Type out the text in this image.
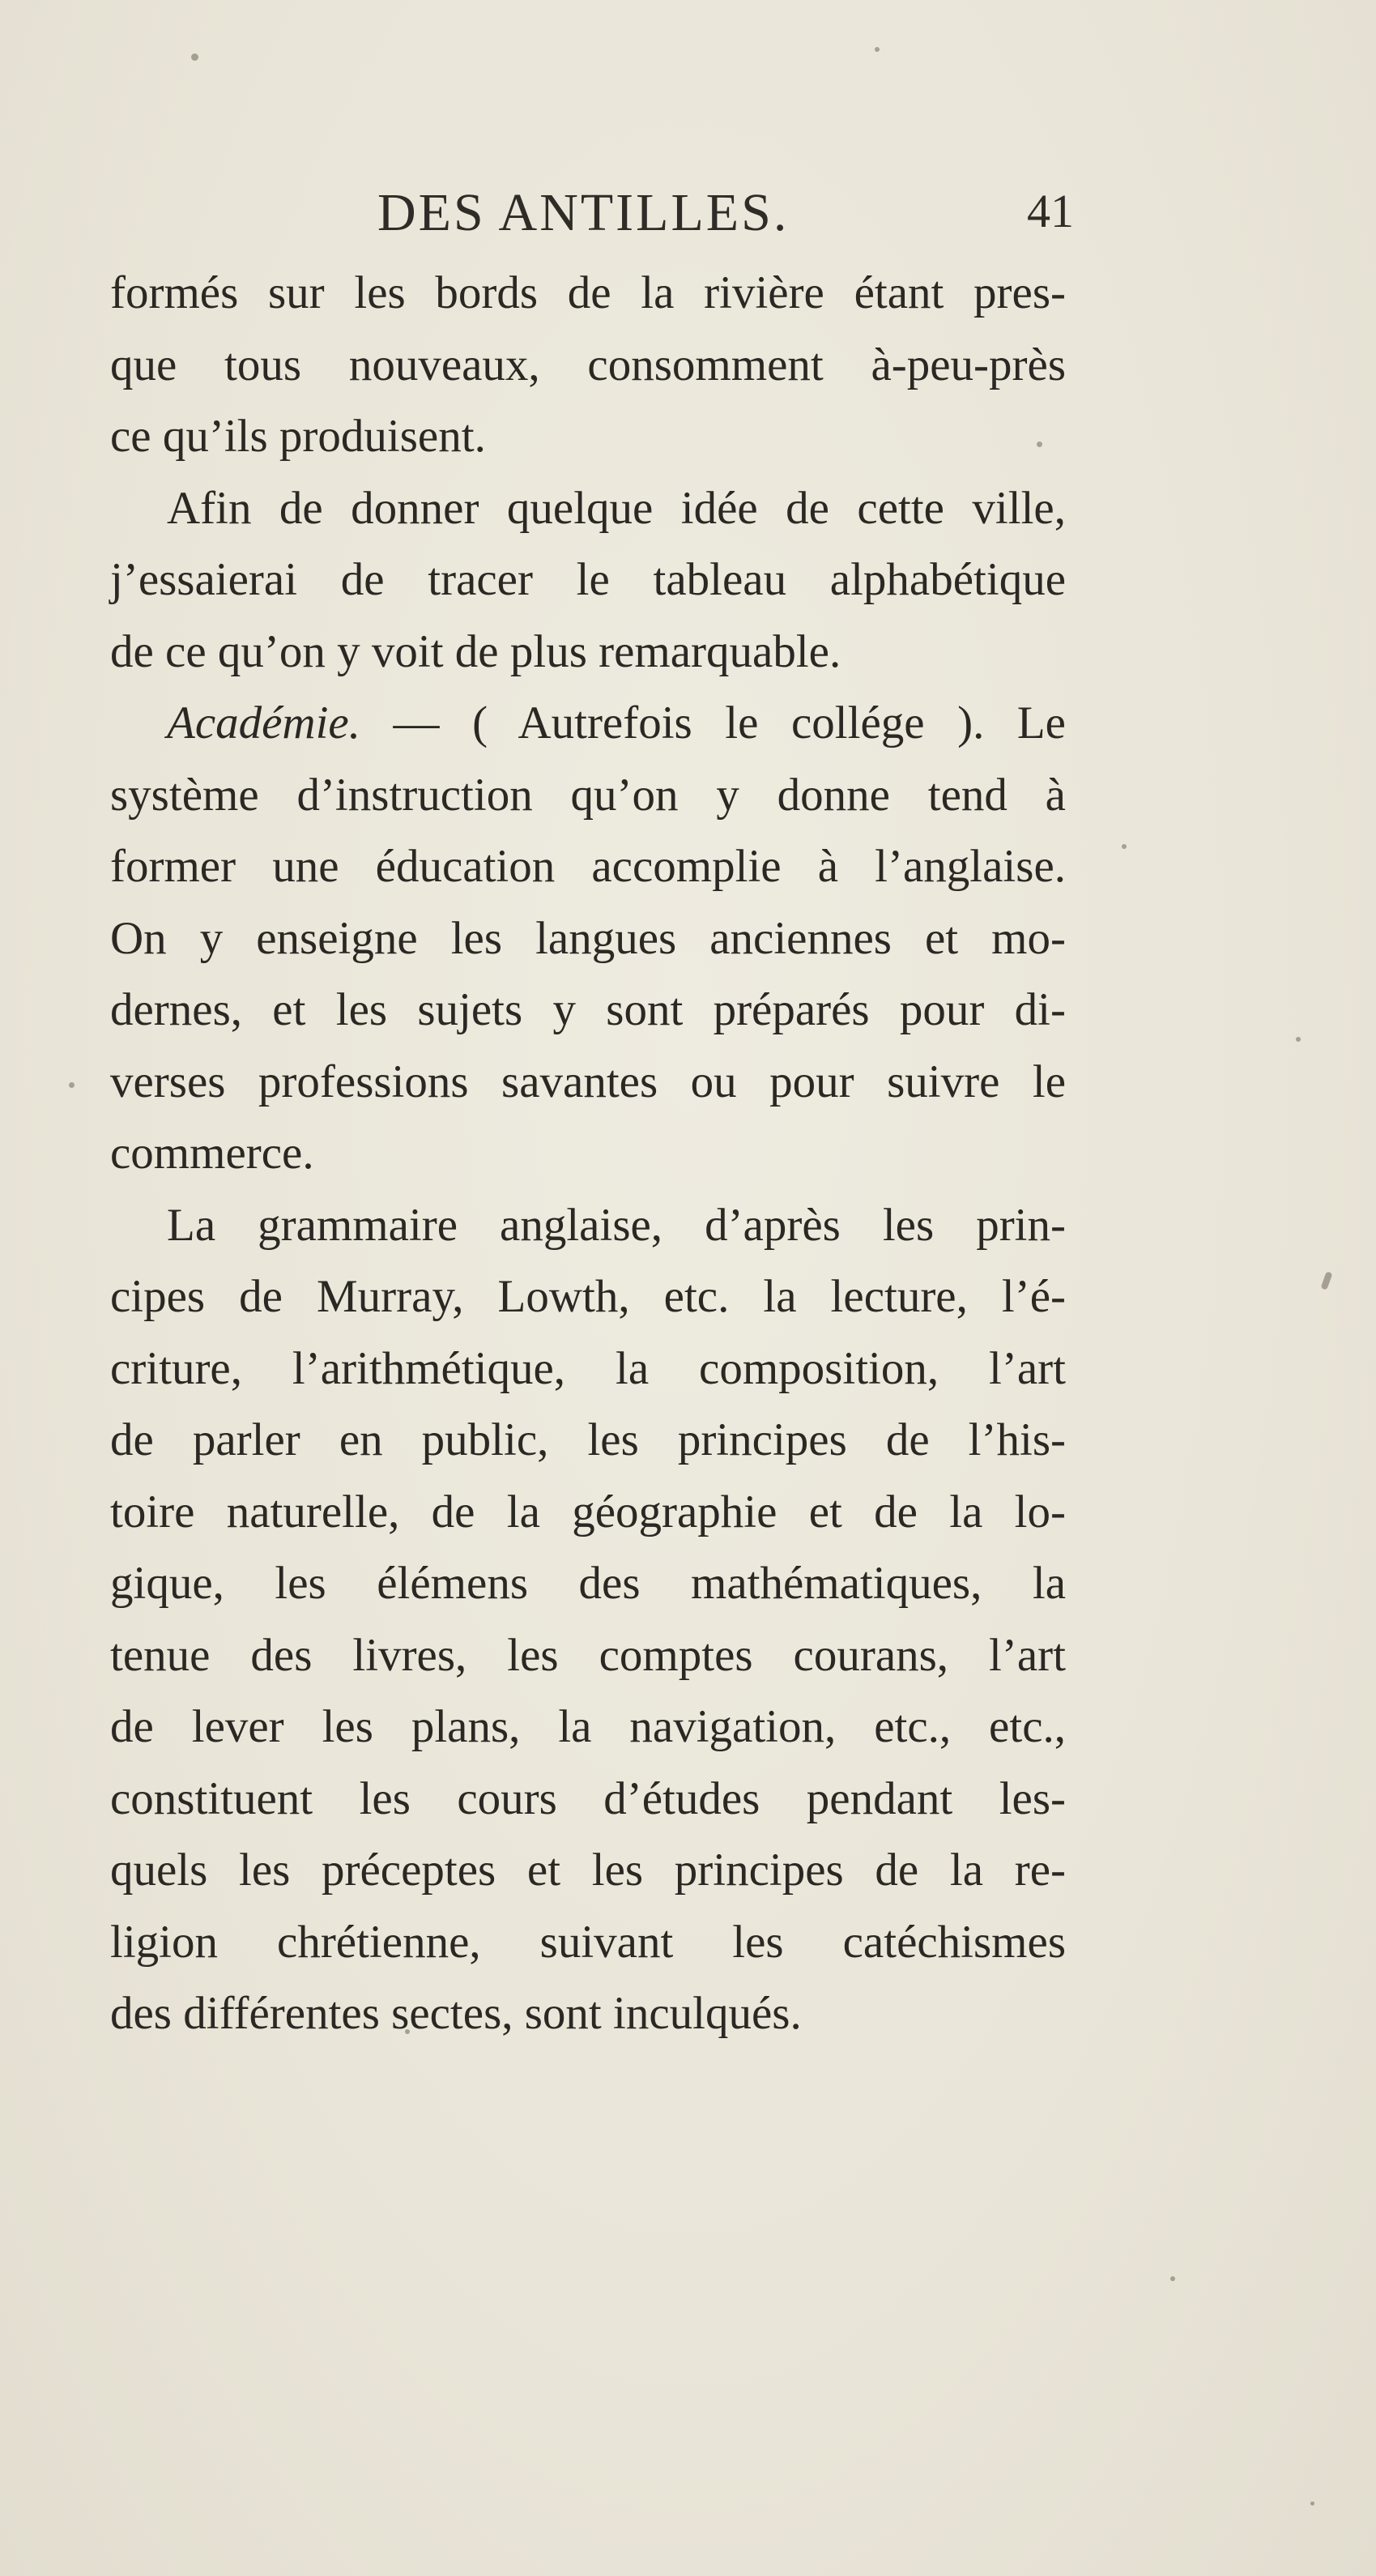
DES ANTILLES.	41
formés sur les bords de la rivière étant pres-
que tous nouveaux, consomment à-peu-près
ce qu’ils produisent.
Afin de donner quelque idée de cette ville,
j’essaierai de tracer le tableau alphabétique
de ce qu’on y voit de plus remarquable.
Académie. — ( Autrefois le collége ). Le
système d’instruction qu’on y donne tend à
former une éducation accomplie à l’anglaise.
On y enseigne les langues anciennes et mo-
dernes, et les sujets y sont préparés pour di-
verses professions savantes ou pour suivre le
commerce.
La grammaire anglaise, d’après les prin-
cipes de Murray, Lowth, etc. la lecture, l’é-
criture, l’arithmétique, la composition, l’art
de parler en public, les principes de l’his-
toire naturelle, de la géographie et de la lo-
gique, les élémens des mathématiques, la
tenue des livres, les comptes courans, l’art
de lever les plans, la navigation, etc., etc.,
constituent les cours d’études pendant les-
quels les préceptes et les principes de la re-
ligion chrétienne, suivant les catéchismes
des différentes sectes, sont inculqués.
